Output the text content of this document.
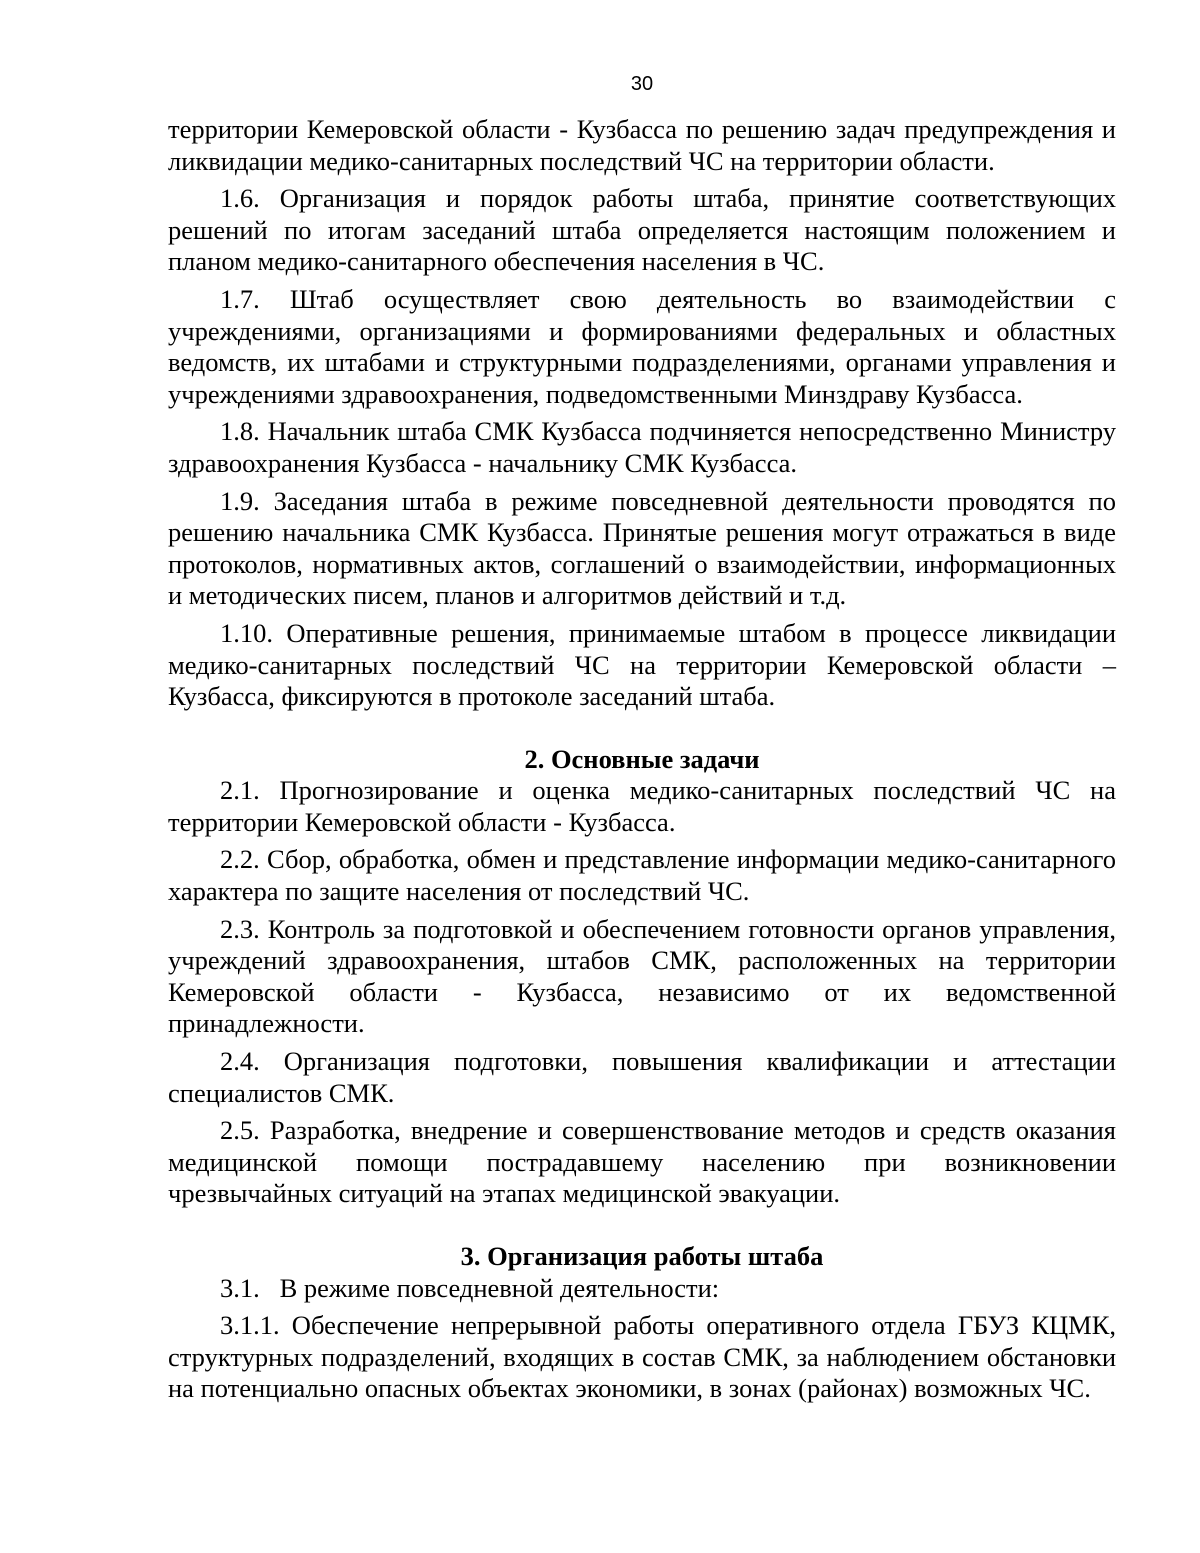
30

территории Кемеровской области - Кузбасса по решению задач предупреждения и ликвидации медико-санитарных последствий ЧС на территории области.

1.6. Организация и порядок работы штаба, принятие соответствующих решений по итогам заседаний штаба определяется настоящим положением и планом медико-санитарного обеспечения населения в ЧС.

1.7. Штаб осуществляет свою деятельность во взаимодействии с учреждениями, организациями и формированиями федеральных и областных ведомств, их штабами и структурными подразделениями, органами управления и учреждениями здравоохранения, подведомственными Минздраву Кузбасса.

1.8. Начальник штаба СМК Кузбасса подчиняется непосредственно Министру здравоохранения Кузбасса - начальнику СМК Кузбасса.

1.9. Заседания штаба в режиме повседневной деятельности проводятся по решению начальника СМК Кузбасса. Принятые решения могут отражаться в виде протоколов, нормативных актов, соглашений о взаимодействии, информационных и методических писем, планов и алгоритмов действий и т.д.

1.10. Оперативные решения, принимаемые штабом в процессе ликвидации медико-санитарных последствий ЧС на территории Кемеровской области – Кузбасса, фиксируются в протоколе заседаний штаба.

2. Основные задачи

2.1. Прогнозирование и оценка медико-санитарных последствий ЧС на территории Кемеровской области - Кузбасса.

2.2. Сбор, обработка, обмен и представление информации медико-санитарного характера по защите населения от последствий ЧС.

2.3. Контроль за подготовкой и обеспечением готовности органов управления, учреждений здравоохранения, штабов СМК, расположенных на территории Кемеровской области - Кузбасса, независимо от их ведомственной принадлежности.

2.4. Организация подготовки, повышения квалификации и аттестации специалистов СМК.

2.5. Разработка, внедрение и совершенствование методов и средств оказания медицинской помощи пострадавшему населению при возникновении чрезвычайных ситуаций на этапах медицинской эвакуации.

3. Организация работы штаба

3.1.   В режиме повседневной деятельности:

3.1.1. Обеспечение непрерывной работы оперативного отдела ГБУЗ КЦМК, структурных подразделений, входящих в состав СМК, за наблюдением обстановки на потенциально опасных объектах экономики, в зонах (районах) возможных ЧС.
